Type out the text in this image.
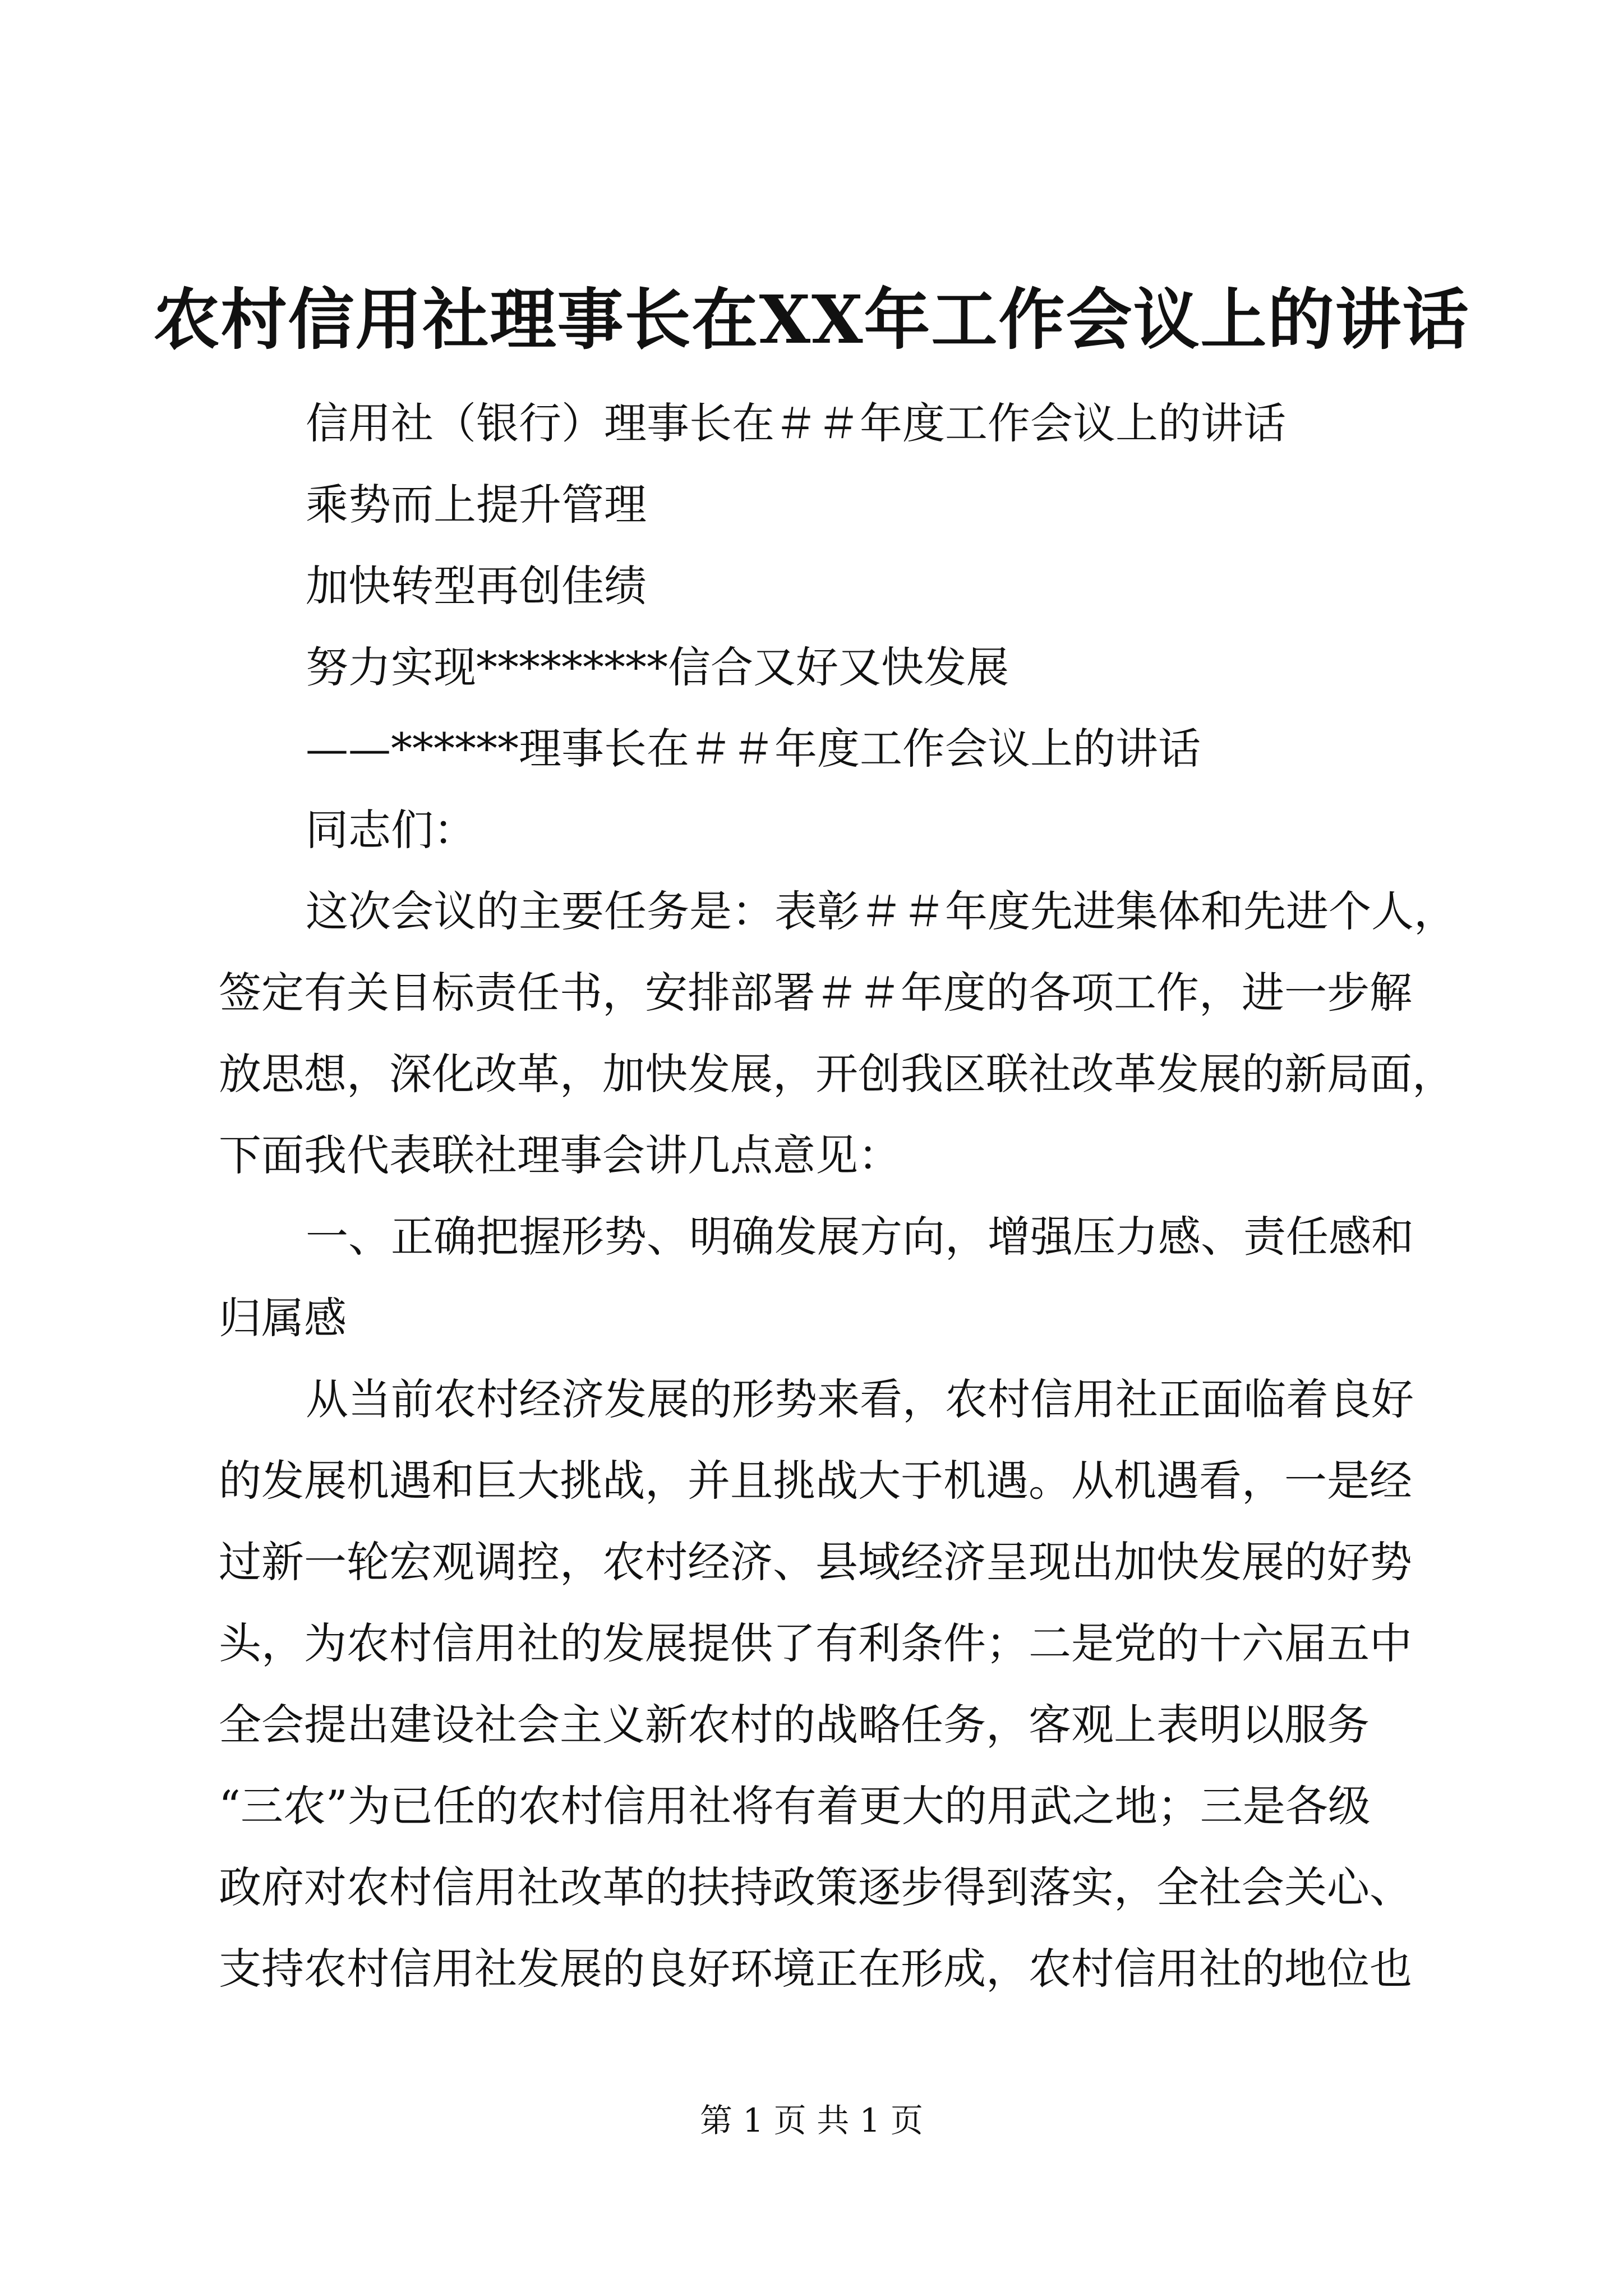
农村信用社理事长在XX年工作会议上的讲话
信用社（银行）理事长在＃＃年度工作会议上的讲话
乘势而上提升管理
加快转型再创佳绩
努力实现*********信合又好又快发展
——******理事长在＃＃年度工作会议上的讲话
同志们：
这次会议的主要任务是：表彰＃＃年度先进集体和先进个人，
签定有关目标责任书，安排部署＃＃年度的各项工作，进一步解
放思想，深化改革，加快发展，开创我区联社改革发展的新局面，
下面我代表联社理事会讲几点意见：
一、正确把握形势、明确发展方向，增强压力感、责任感和
归属感
从当前农村经济发展的形势来看，农村信用社正面临着良好
的发展机遇和巨大挑战，并且挑战大于机遇。从机遇看，一是经
过新一轮宏观调控，农村经济、县域经济呈现出加快发展的好势
头，为农村信用社的发展提供了有利条件；二是党的十六届五中
全会提出建设社会主义新农村的战略任务，客观上表明以服务
“三农”为已任的农村信用社将有着更大的用武之地；三是各级
政府对农村信用社改革的扶持政策逐步得到落实，全社会关心、
支持农村信用社发展的良好环境正在形成，农村信用社的地位也
第 1 页 共 1 页
